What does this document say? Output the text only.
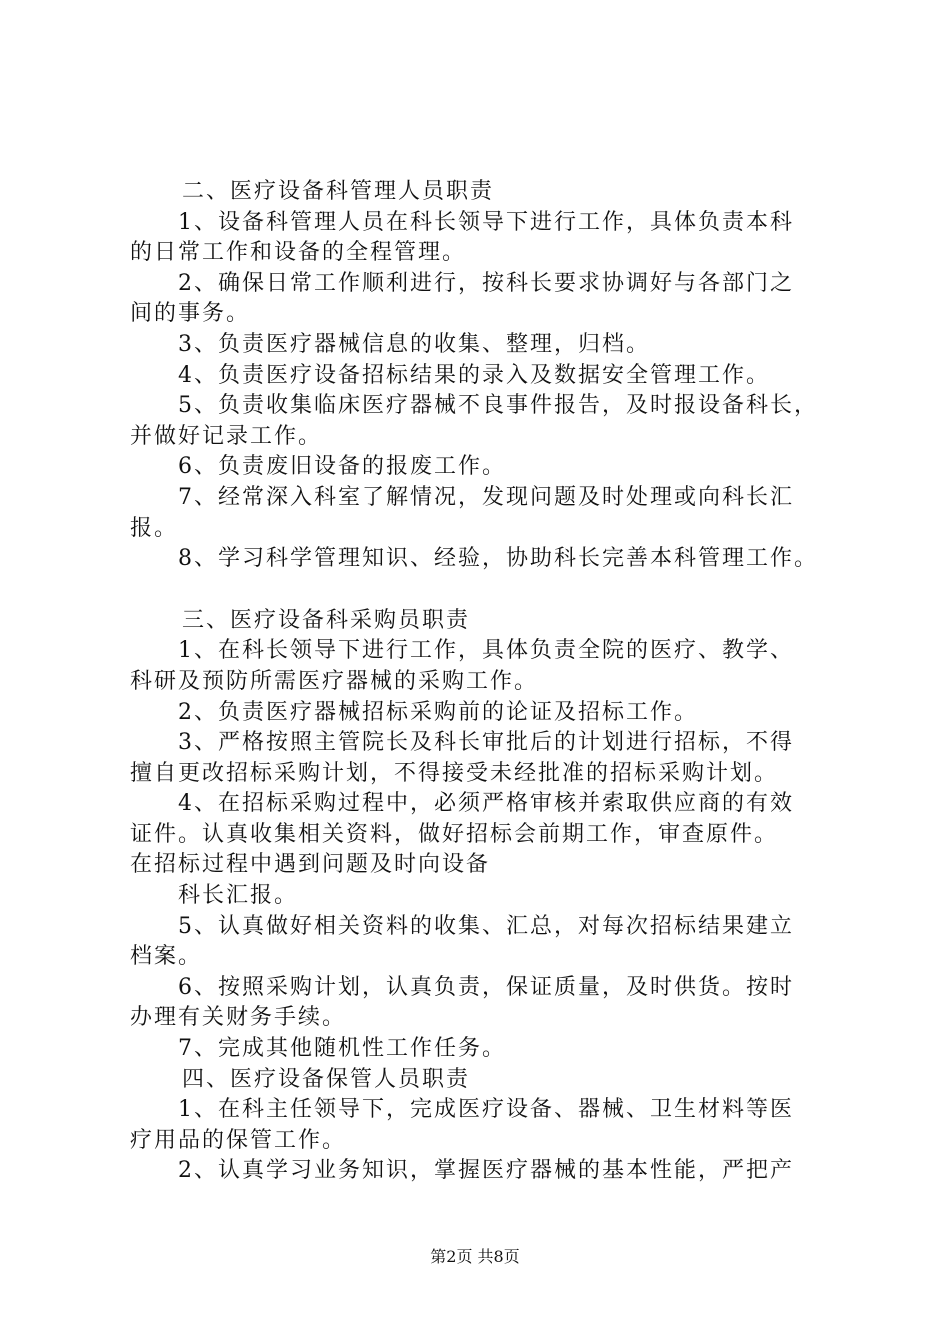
二、医疗设备科管理人员职责

1、设备科管理人员在科长领导下进行工作，具体负责本科

的日常工作和设备的全程管理。

2、确保日常工作顺利进行，按科长要求协调好与各部门之

间的事务。

3、负责医疗器械信息的收集、整理，归档。

4、负责医疗设备招标结果的录入及数据安全管理工作。

5、负责收集临床医疗器械不良事件报告，及时报设备科长，

并做好记录工作。

6、负责废旧设备的报废工作。

7、经常深入科室了解情况，发现问题及时处理或向科长汇

报。

8、学习科学管理知识、经验，协助科长完善本科管理工作。

三、医疗设备科采购员职责

1、在科长领导下进行工作，具体负责全院的医疗、教学、

科研及预防所需医疗器械的采购工作。

2、负责医疗器械招标采购前的论证及招标工作。

3、严格按照主管院长及科长审批后的计划进行招标，不得

擅自更改招标采购计划，不得接受未经批准的招标采购计划。

4、在招标采购过程中，必须严格审核并索取供应商的有效

证件。认真收集相关资料，做好招标会前期工作，审查原件。

在招标过程中遇到问题及时向设备

科长汇报。

5、认真做好相关资料的收集、汇总，对每次招标结果建立

档案。

6、按照采购计划，认真负责，保证质量，及时供货。按时

办理有关财务手续。

7、完成其他随机性工作任务。

四、医疗设备保管人员职责

1、在科主任领导下，完成医疗设备、器械、卫生材料等医

疗用品的保管工作。

2、认真学习业务知识，掌握医疗器械的基本性能，严把产

第2页 共8页
